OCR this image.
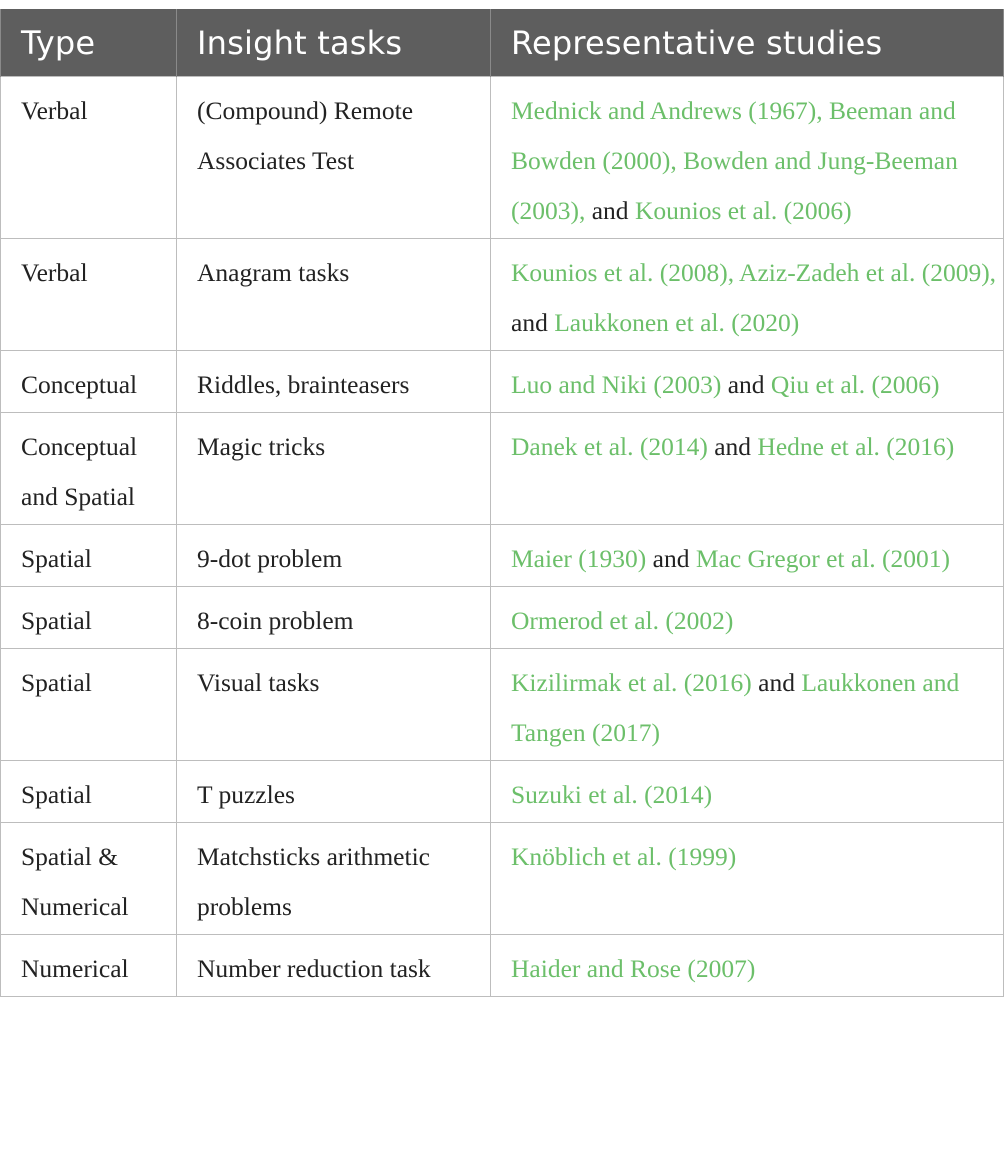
Type	Insight tasks	Representative studies
Verbal	(Compound) Remote Associates Test	Mednick and Andrews (1967), Beeman and Bowden (2000), Bowden and Jung-Beeman (2003), and Kounios et al. (2006)
Verbal	Anagram tasks	Kounios et al. (2008), Aziz-Zadeh et al. (2009), and Laukkonen et al. (2020)
Conceptual	Riddles, brainteasers	Luo and Niki (2003) and Qiu et al. (2006)
Conceptual and Spatial	Magic tricks	Danek et al. (2014) and Hedne et al. (2016)
Spatial	9-dot problem	Maier (1930) and Mac Gregor et al. (2001)
Spatial	8-coin problem	Ormerod et al. (2002)
Spatial	Visual tasks	Kizilirmak et al. (2016) and Laukkonen and Tangen (2017)
Spatial	T puzzles	Suzuki et al. (2014)
Spatial & Numerical	Matchsticks arithmetic problems	Knöblich et al. (1999)
Numerical	Number reduction task	Haider and Rose (2007)
